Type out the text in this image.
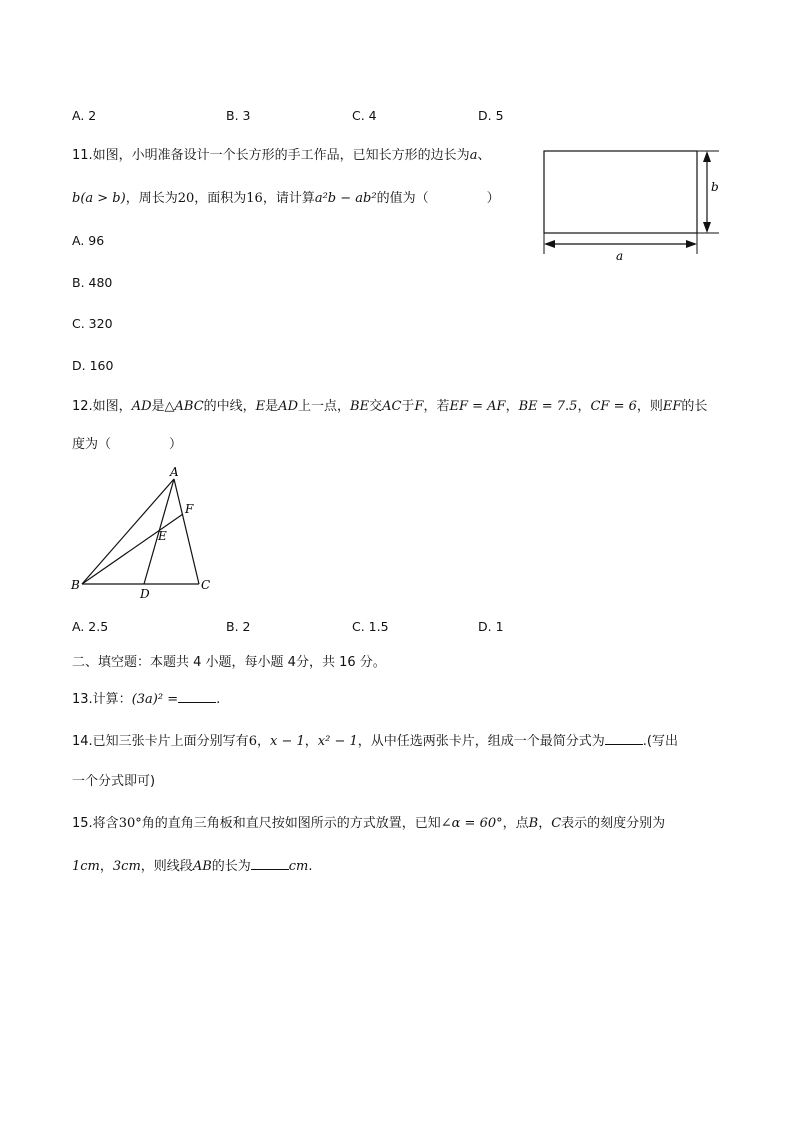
A. 2	B. 3	C. 4	D. 5
11.如图，小明准备设计一个长方形的手工作品，已知长方形的边长为a、
b(a > b)，周长为20，面积为16，请计算a²b − ab²的值为（	）
A. 96
B. 480
C. 320
D. 160
b
a
12.如图，AD是△ABC的中线，E是AD上一点，BE交AC于F，若EF = AF，BE = 7.5，CF = 6，则EF的长
度为（	）
A
B	C
D
E
F
A. 2.5	B. 2	C. 1.5	D. 1
二、填空题：本题共 4 小题，每小题 4分，共 16 分。
13.计算：(3a)² =	.
14.已知三张卡片上面分别写有6，x − 1，x² − 1，从中任选两张卡片，组成一个最简分式为	.(写出
一个分式即可)
15.将含30°角的直角三角板和直尺按如图所示的方式放置，已知∠α = 60°，点B，C表示的刻度分别为
1cm，3cm，则线段AB的长为	cm.
